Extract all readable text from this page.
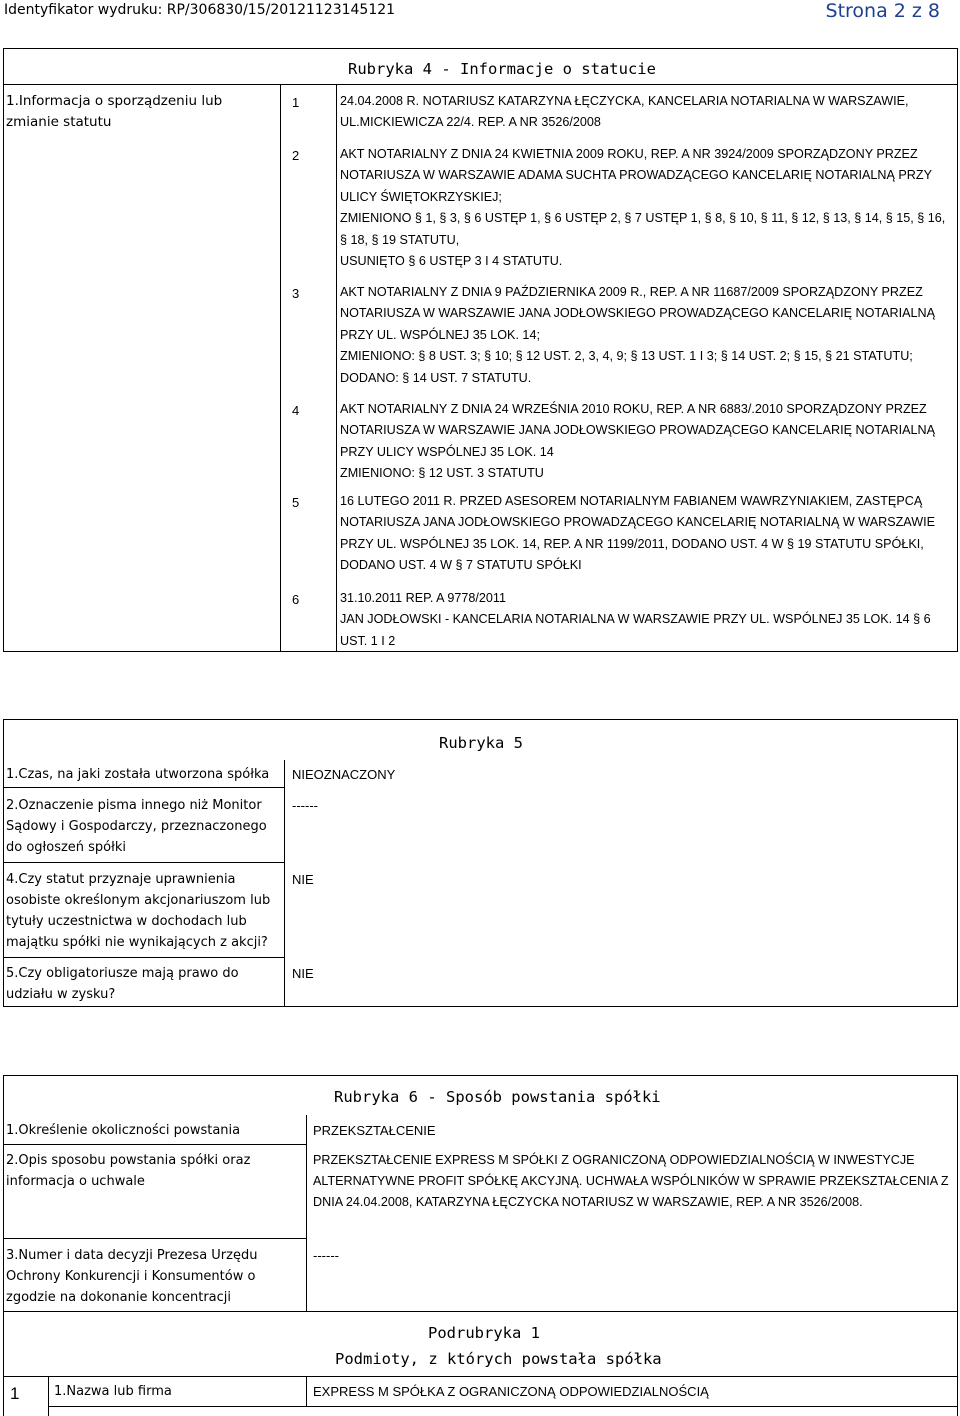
Identyfikator wydruku: RP/306830/15/20121123145121	Strona 2 z 8
Rubryka 4 - Informacje o statucie
1.Informacja o sporządzeniu lub zmianie statutu
1	24.04.2008 R. NOTARIUSZ KATARZYNA ŁĘCZYCKA, KANCELARIA NOTARIALNA W WARSZAWIE, UL.MICKIEWICZA 22/4. REP. A NR 3526/2008
2	AKT NOTARIALNY Z DNIA 24 KWIETNIA 2009 ROKU, REP. A NR 3924/2009 SPORZĄDZONY PRZEZ NOTARIUSZA W WARSZAWIE ADAMA SUCHTA PROWADZĄCEGO KANCELARIĘ NOTARIALNĄ PRZY ULICY ŚWIĘTOKRZYSKIEJ;
ZMIENIONO § 1, § 3, § 6 USTĘP 1, § 6 USTĘP 2, § 7 USTĘP 1, § 8, § 10, § 11, § 12, § 13, § 14, § 15, § 16, § 18, § 19 STATUTU,
USUNIĘTO § 6 USTĘP 3 I 4 STATUTU.
3	AKT NOTARIALNY Z DNIA 9 PAŹDZIERNIKA 2009 R., REP. A NR 11687/2009 SPORZĄDZONY PRZEZ NOTARIUSZA W WARSZAWIE JANA JODŁOWSKIEGO PROWADZĄCEGO KANCELARIĘ NOTARIALNĄ PRZY UL. WSPÓLNEJ 35 LOK. 14;
ZMIENIONO: § 8 UST. 3; § 10; § 12 UST. 2, 3, 4, 9; § 13 UST. 1 I 3; § 14 UST. 2; § 15, § 21 STATUTU; DODANO: § 14 UST. 7 STATUTU.
4	AKT NOTARIALNY Z DNIA 24 WRZEŚNIA 2010 ROKU, REP. A NR 6883/.2010 SPORZĄDZONY PRZEZ NOTARIUSZA W WARSZAWIE JANA JODŁOWSKIEGO PROWADZĄCEGO KANCELARIĘ NOTARIALNĄ PRZY ULICY WSPÓLNEJ 35 LOK. 14
ZMIENIONO: § 12 UST. 3 STATUTU
5	16 LUTEGO 2011 R. PRZED ASESOREM NOTARIALNYM FABIANEM WAWRZYNIAKIEM, ZASTĘPCĄ NOTARIUSZA JANA JODŁOWSKIEGO PROWADZĄCEGO KANCELARIĘ NOTARIALNĄ W WARSZAWIE PRZY UL. WSPÓLNEJ 35 LOK. 14, REP. A NR 1199/2011, DODANO UST. 4 W § 19 STATUTU SPÓŁKI, DODANO UST. 4 W § 7 STATUTU SPÓŁKI
6	31.10.2011 REP. A 9778/2011
JAN JODŁOWSKI - KANCELARIA NOTARIALNA W WARSZAWIE PRZY UL. WSPÓLNEJ 35 LOK. 14 § 6 UST. 1 I 2
Rubryka 5
1.Czas, na jaki została utworzona spółka	NIEOZNACZONY
2.Oznaczenie pisma innego niż Monitor Sądowy i Gospodarczy, przeznaczonego do ogłoszeń spółki
------
4.Czy statut przyznaje uprawnienia osobiste określonym akcjonariuszom lub tytuły uczestnictwa w dochodach lub majątku spółki nie wynikających z akcji?
NIE
5.Czy obligatoriusze mają prawo do udziału w zysku?
NIE
Rubryka 6 - Sposób powstania spółki
1.Określenie okoliczności powstania	PRZEKSZTAŁCENIE
2.Opis sposobu powstania spółki oraz informacja o uchwale
PRZEKSZTAŁCENIE EXPRESS M SPÓŁKI Z OGRANICZONĄ ODPOWIEDZIALNOŚCIĄ W INWESTYCJE ALTERNATYWNE PROFIT SPÓŁKĘ AKCYJNĄ. UCHWAŁA WSPÓLNIKÓW W SPRAWIE PRZEKSZTAŁCENIA Z DNIA 24.04.2008, KATARZYNA ŁĘCZYCKA NOTARIUSZ W WARSZAWIE, REP. A NR 3526/2008.
3.Numer i data decyzji Prezesa Urzędu Ochrony Konkurencji i Konsumentów o zgodzie na dokonanie koncentracji
------
Podrubryka 1
Podmioty, z których powstała spółka
1	1.Nazwa lub firma	EXPRESS M SPÓŁKA Z OGRANICZONĄ ODPOWIEDZIALNOŚCIĄ
